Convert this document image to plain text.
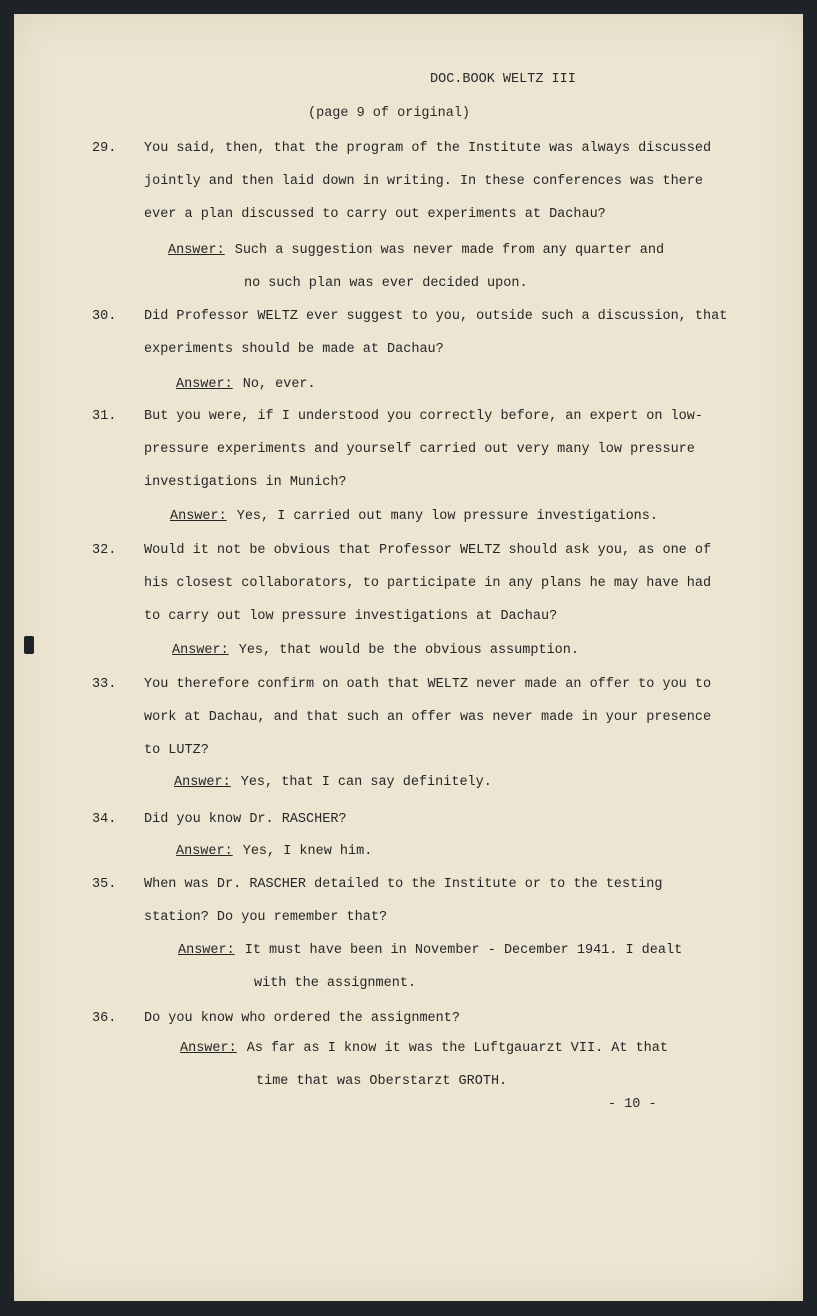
DOC.BOOK WELTZ III
(page 9 of original)
29. You said, then, that the program of the Institute was always discussed jointly and then laid down in writing. In these conferences was there ever a plan discussed to carry out experiments at Dachau?
Answer: Such a suggestion was never made from any quarter and
no such plan was ever decided upon.
30. Did Professor WELTZ ever suggest to you, outside such a discussion, that experiments should be made at Dachau?
Answer: No, ever.
31. But you were, if I understood you correctly before, an expert on low-pressure experiments and yourself carried out very many low pressure investigations in Munich?
Answer: Yes, I carried out many low pressure investigations.
32. Would it not be obvious that Professor WELTZ should ask you, as one of his closest collaborators, to participate in any plans he may have had to carry out low pressure investigations at Dachau?
Answer: Yes, that would be the obvious assumption.
33. You therefore confirm on oath that WELTZ never made an offer to you to work at Dachau, and that such an offer was never made in your presence to LUTZ?
Answer: Yes, that I can say definitely.
34. Did you know Dr. RASCHER?
Answer: Yes, I knew him.
35. When was Dr. RASCHER detailed to the Institute or to the testing station? Do you remember that?
Answer: It must have been in November - December 1941. I dealt
with the assignment.
36. Do you know who ordered the assignment?
Answer: As far as I know it was the Luftgauarzt VII. At that
time that was Oberstarzt GROTH.
- 10 -
